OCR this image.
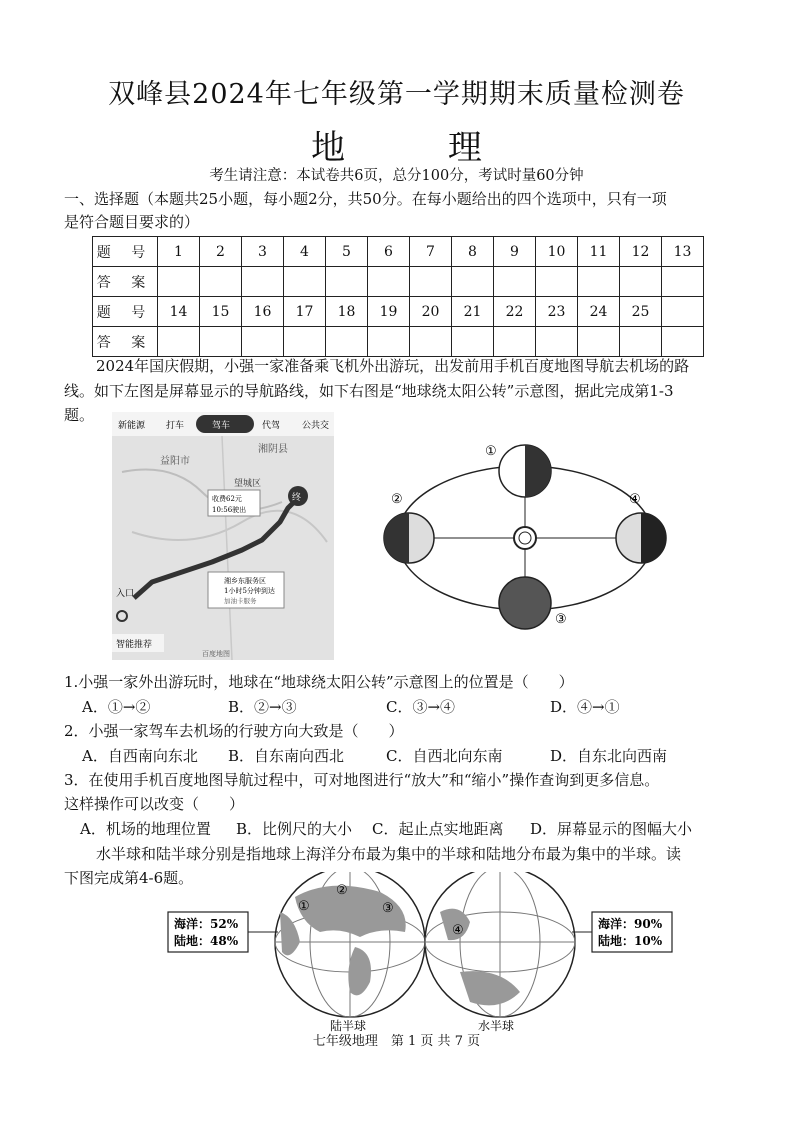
双峰县2024年七年级第一学期期末质量检测卷
地 理
考生请注意：本试卷共6页，总分100分，考试时量60分钟
一、选择题（本题共25小题，每小题2分，共50分。在每小题给出的四个选项中，只有一项
是符合题目要求的）
题 号	1	2	3	4	5	6	7	8	9	10	11	12	13
答 案													
题 号	14	15	16	17	18	19	20	21	22	23	24	25	
答 案													
2024年国庆假期，小强一家准备乘飞机外出游玩，出发前用手机百度地图导航去机场的路
线。如下左图是屏幕显示的导航路线，如下右图是“地球绕太阳公转”示意图，据此完成第1-3
题。
新能源 打车	驾车	代驾 公共交
益阳市
湘阴县
望城区
收费62元
10:56驶出
终
湘乡东服务区
1小时5分钟到达
加油卡服务
入口
智能推荐
百度地图
①
②
③
④
1.小强一家外出游玩时，地球在“地球绕太阳公转”示意图上的位置是（　　）
A．①→②	B．②→③	C．③→④	D．④→①
2．小强一家驾车去机场的行驶方向大致是（　　）
A．自西南向东北 B．自东南向西北	C．自西北向东南	D．自东北向西南
3．在使用手机百度地图导航过程中，可对地图进行“放大”和“缩小”操作查询到更多信息。
这样操作可以改变（　　）
A．机场的地理位置 B．比例尺的大小 C．起止点实地距离 D．屏幕显示的图幅大小
水半球和陆半球分别是指地球上海洋分布最为集中的半球和陆地分布最为集中的半球。读
下图完成第4-6题。
①
②
③
海洋：52%
陆地：48%
陆半球
④	海洋：90%
陆地：10%
水半球
七年级地理　第 1 页 共 7 页
